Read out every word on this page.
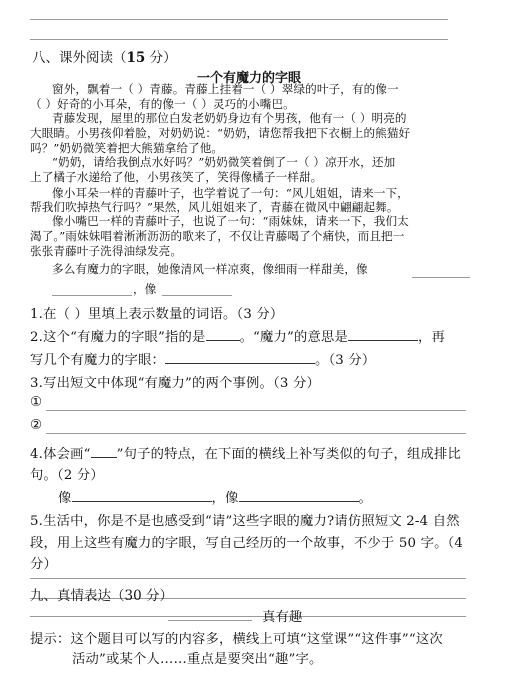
八、课外阅读（15 分）
一个有魔力的字眼
窗外，飘着一（ ）青藤。青藤上挂着一（ ）翠绿的叶子，有的像一
（ ）好奇的小耳朵，有的像一（ ）灵巧的小嘴巴。
青藤发现，屋里的那位白发老奶奶身边有个男孩，他有一（ ）明亮的
大眼睛。小男孩仰着脸，对奶奶说：“奶奶，请您帮我把下衣橱上的熊猫好
吗？”奶奶微笑着把大熊猫拿给了他。
“奶奶，请给我倒点水好吗？”奶奶微笑着倒了一（ ）凉开水，还加
上了橘子水递给了他，小男孩笑了，笑得像橘子一样甜。
像小耳朵一样的青藤叶子，也学着说了一句：“风儿姐姐，请来一下，
帮我们吹掉热气行吗？”果然，风儿姐姐来了，青藤在微风中翩翩起舞。
像小嘴巴一样的青藤叶子，也说了一句：“雨妹妹，请来一下，我们太
渴了。”雨妹妹唱着淅淅沥沥的歌来了，不仅让青藤喝了个痛快，而且把一
张张青藤叶子洗得油绿发亮。
多么有魔力的字眼，她像清风一样凉爽，像细雨一样甜美，像
，像
1.在（ ）里填上表示数量的词语。（3 分）
2.这个“有魔力的字眼”指的是	。“魔力”的意思是	，再
写几个有魔力的字眼：	。（3 分）
3.写出短文中体现“有魔力”的两个事例。（3 分）
①
②
4.体会画“ ”句子的特点，在下面的横线上补写类似的句子，组成排比
句。（2 分）
像	，像	。
5.生活中，你是不是也感受到“请”这些字眼的魔力?请仿照短文 2-4 自然
段，用上这些有魔力的字眼，写自己经历的一个故事，不少于 50 字。（4
分）
九、真情表达（30 分）
真有趣
提示：这个题目可以写的内容多，横线上可填“这堂课”“这件事”“这次
活动”或某个人……重点是要突出“趣”字。
